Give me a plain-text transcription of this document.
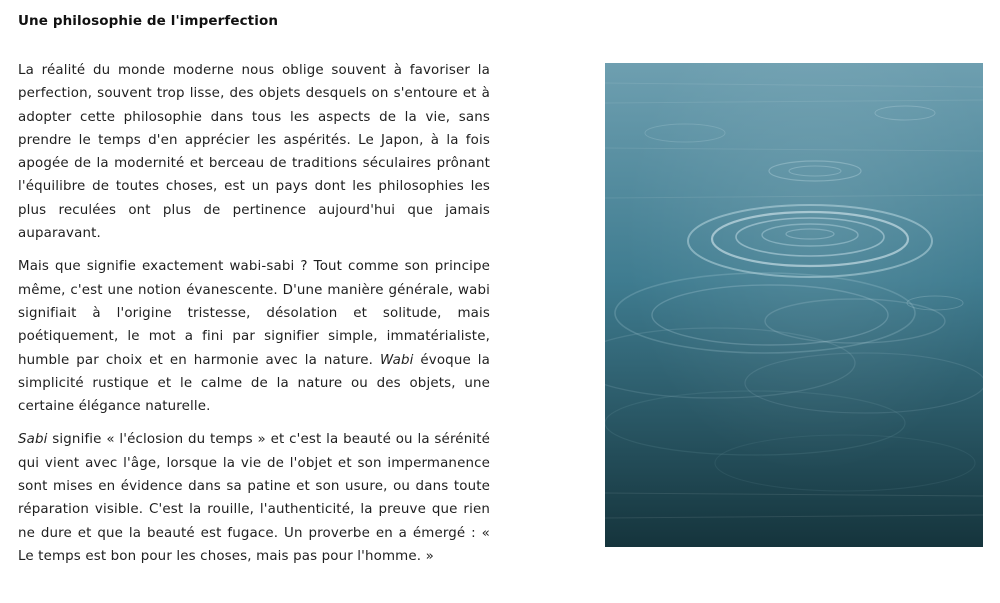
Une philosophie de l'imperfection

La réalité du monde moderne nous oblige souvent à favoriser la perfection, souvent trop lisse, des objets desquels on s'entoure et à adopter cette philosophie dans tous les aspects de la vie, sans prendre le temps d'en apprécier les aspérités. Le Japon, à la fois apogée de la modernité et berceau de traditions séculaires prônant l'équilibre de toutes choses, est un pays dont les philosophies les plus reculées ont plus de pertinence aujourd'hui que jamais auparavant.

Mais que signifie exactement wabi-sabi ? Tout comme son principe même, c'est une notion évanescente. D'une manière générale, wabi signifiait à l'origine tristesse, désolation et solitude, mais poétiquement, le mot a fini par signifier simple, immatérialiste, humble par choix et en harmonie avec la nature. Wabi évoque la simplicité rustique et le calme de la nature ou des objets, une certaine élégance naturelle.

Sabi signifie « l'éclosion du temps » et c'est la beauté ou la sérénité qui vient avec l'âge, lorsque la vie de l'objet et son impermanence sont mises en évidence dans sa patine et son usure, ou dans toute réparation visible. C'est la rouille, l'authenticité, la preuve que rien ne dure et que la beauté est fugace. Un proverbe en a émergé : « Le temps est bon pour les choses, mais pas pour l'homme. »
